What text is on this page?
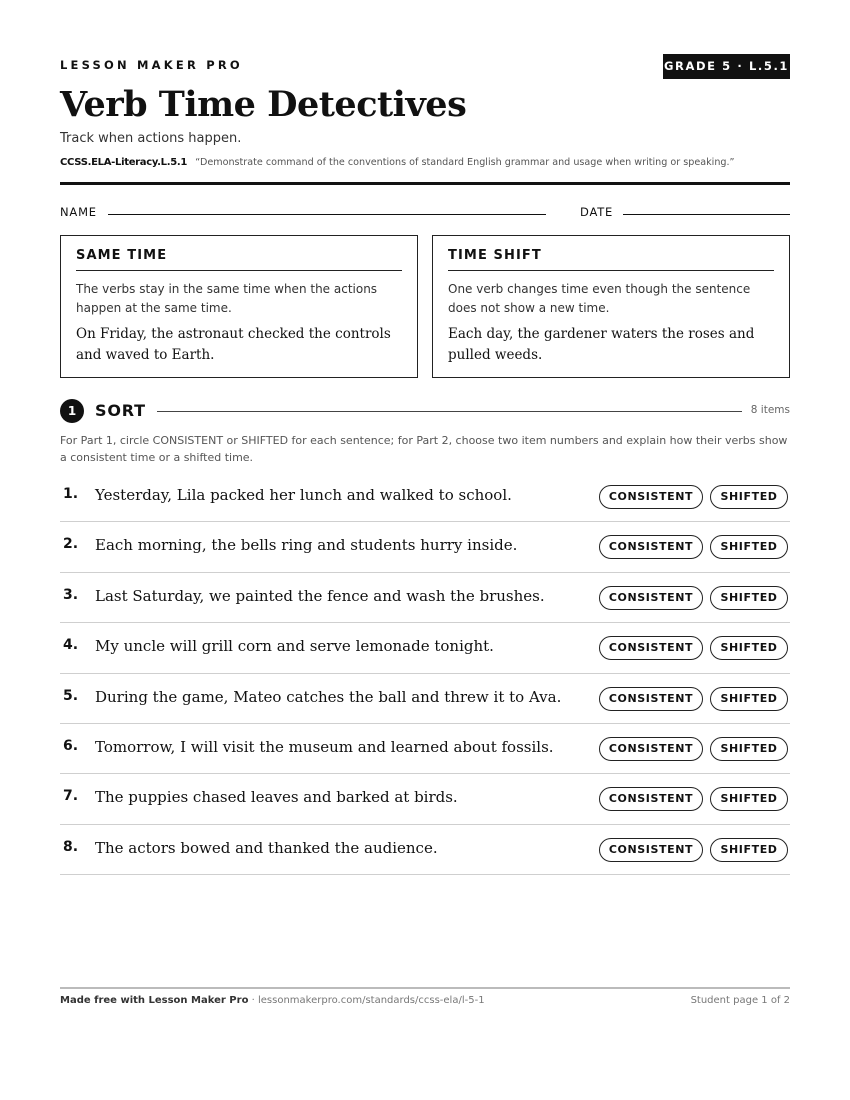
LESSON MAKER PRO	GRADE 5 · L.5.1
Verb Time Detectives
Track when actions happen.
CCSS.ELA-Literacy.L.5.1 “Demonstrate command of the conventions of standard English grammar and usage when writing or speaking.”
NAME	DATE
SAME TIME
The verbs stay in the same time when the actions happen at the same time.
On Friday, the astronaut checked the controls and waved to Earth.
TIME SHIFT
One verb changes time even though the sentence does not show a new time.
Each day, the gardener waters the roses and pulled weeds.
1	SORT	8 items
For Part 1, circle CONSISTENT or SHIFTED for each sentence; for Part 2, choose two item numbers and explain how their verbs show a consistent time or a shifted time.
1. Yesterday, Lila packed her lunch and walked to school.	CONSISTENT	SHIFTED
2. Each morning, the bells ring and students hurry inside.	CONSISTENT	SHIFTED
3. Last Saturday, we painted the fence and wash the brushes.	CONSISTENT	SHIFTED
4. My uncle will grill corn and serve lemonade tonight.	CONSISTENT	SHIFTED
5. During the game, Mateo catches the ball and threw it to Ava.	CONSISTENT	SHIFTED
6. Tomorrow, I will visit the museum and learned about fossils.	CONSISTENT	SHIFTED
7. The puppies chased leaves and barked at birds.	CONSISTENT	SHIFTED
8. The actors bowed and thanked the audience.	CONSISTENT	SHIFTED
Made free with Lesson Maker Pro · lessonmakerpro.com/standards/ccss-ela/l-5-1	Student page 1 of 2
